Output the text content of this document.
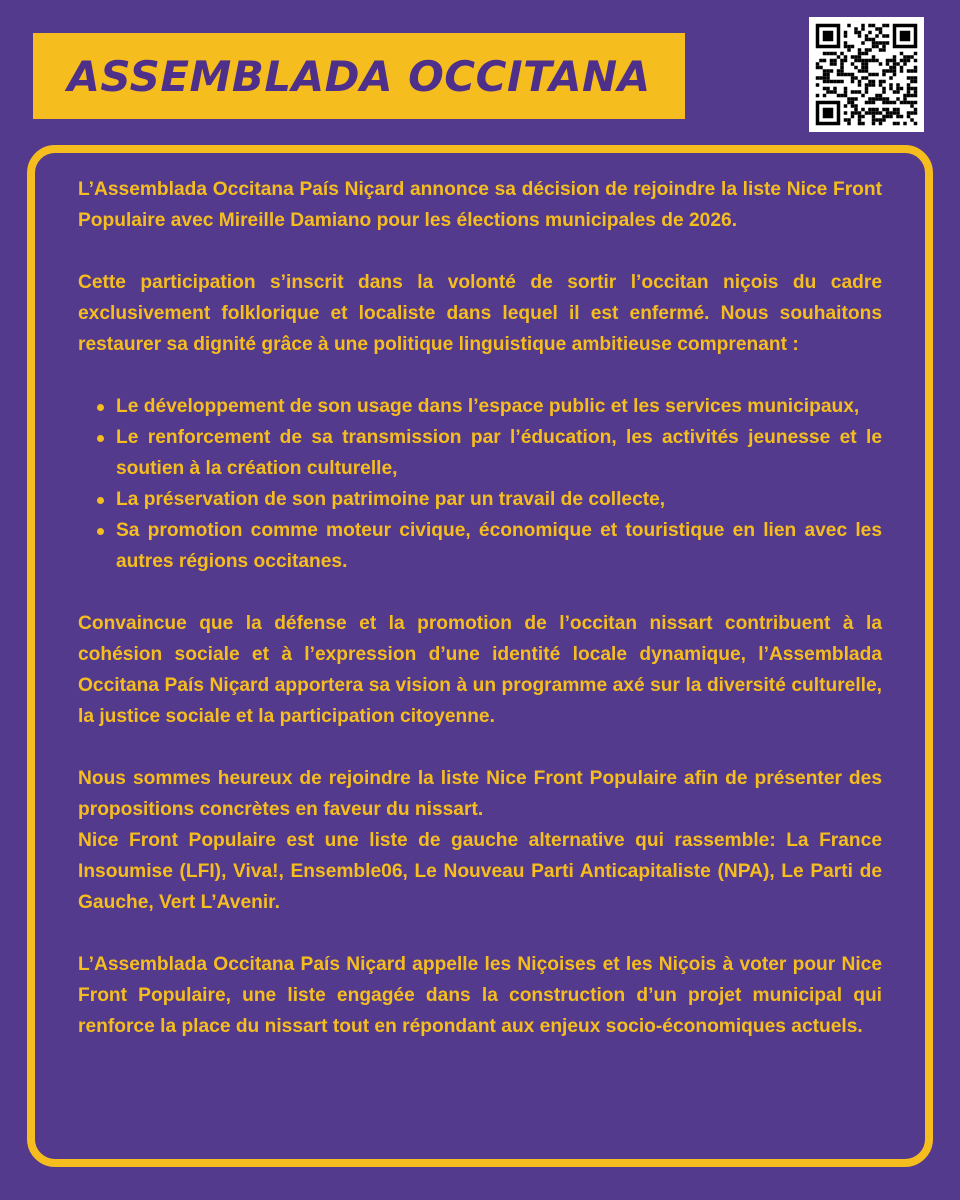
ASSEMBLADA OCCITANA

L’Assemblada Occitana País Niçard annonce sa décision de rejoindre la liste Nice Front Populaire avec Mireille Damiano pour les élections municipales de 2026.

Cette participation s’inscrit dans la volonté de sortir l’occitan niçois du cadre exclusivement folklorique et localiste dans lequel il est enfermé. Nous souhaitons restaurer sa dignité grâce à une politique linguistique ambitieuse comprenant :

Le développement de son usage dans l’espace public et les services municipaux,
Le renforcement de sa transmission par l’éducation, les activités jeunesse et le soutien à la création culturelle,
La préservation de son patrimoine par un travail de collecte,
Sa promotion comme moteur civique, économique et touristique en lien avec les autres régions occitanes.

Convaincue que la défense et la promotion de l’occitan nissart contribuent à la cohésion sociale et à l’expression d’une identité locale dynamique, l’Assemblada Occitana País Niçard apportera sa vision à un programme axé sur la diversité culturelle, la justice sociale et la participation citoyenne.

Nous sommes heureux de rejoindre la liste Nice Front Populaire afin de présenter des propositions concrètes en faveur du nissart.

Nice Front Populaire est une liste de gauche alternative qui rassemble: La France Insoumise (LFI), Viva!, Ensemble06, Le Nouveau Parti Anticapitaliste (NPA), Le Parti de Gauche, Vert L’Avenir.

L’Assemblada Occitana País Niçard appelle les Niçoises et les Niçois à voter pour Nice Front Populaire, une liste engagée dans la construction d’un projet municipal qui renforce la place du nissart tout en répondant aux enjeux socio-économiques actuels.
